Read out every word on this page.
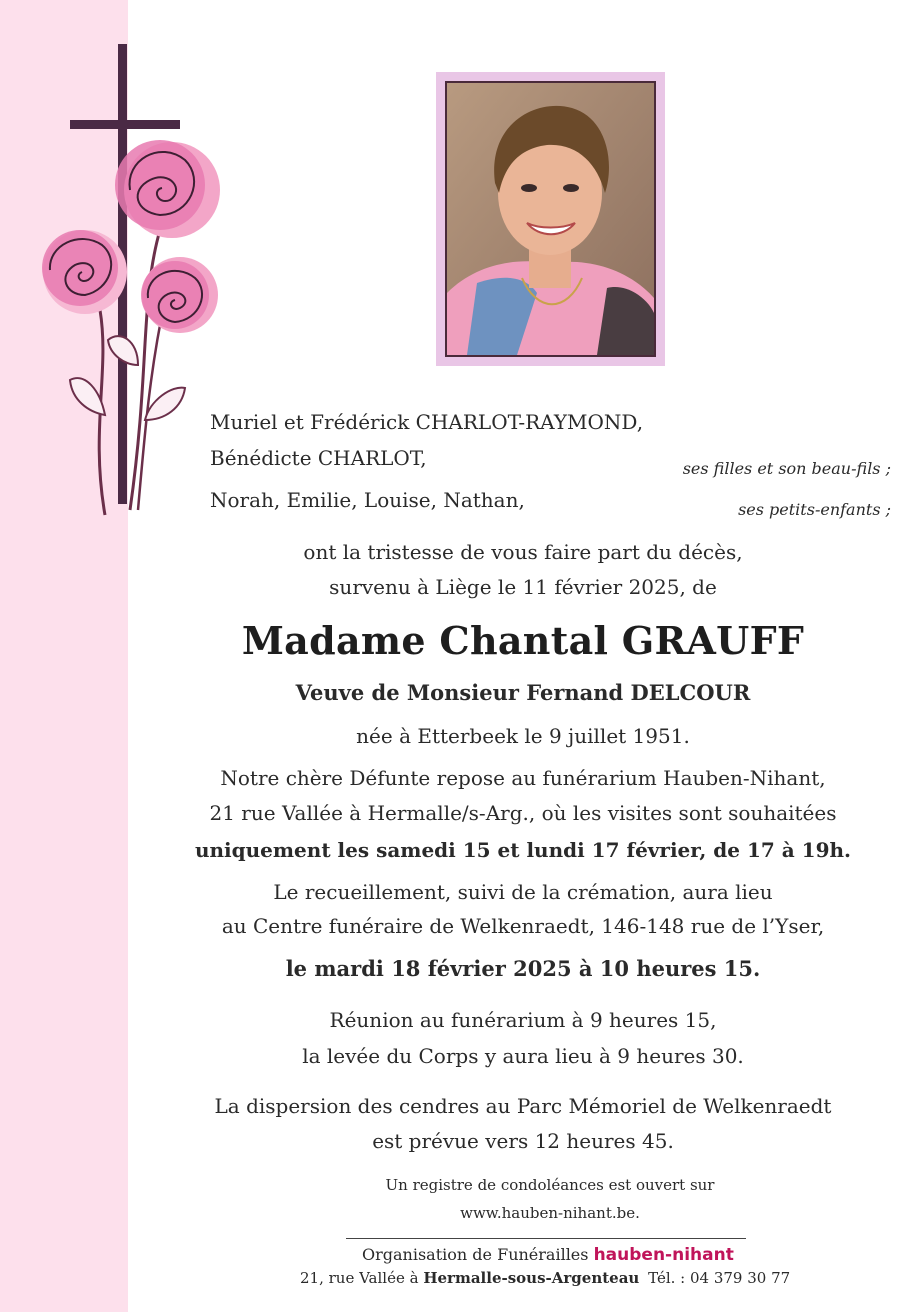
Muriel et Frédérick CHARLOT-RAYMOND,
Bénédicte CHARLOT,	ses filles et son beau-fils ;
Norah, Emilie, Louise, Nathan,	ses petits-enfants ;
ont la tristesse de vous faire part du décès,
survenu à Liège le 11 février 2025, de
Madame Chantal GRAUFF
Veuve de Monsieur Fernand DELCOUR
née à Etterbeek le 9 juillet 1951.
Notre chère Défunte repose au funérarium Hauben-Nihant,
21 rue Vallée à Hermalle/s-Arg., où les visites sont souhaitées
uniquement les samedi 15 et lundi 17 février, de 17 à 19h.
Le recueillement, suivi de la crémation, aura lieu
au Centre funéraire de Welkenraedt, 146-148 rue de l’Yser,
le mardi 18 février 2025 à 10 heures 15.
Réunion au funérarium à 9 heures 15,
la levée du Corps y aura lieu à 9 heures 30.
La dispersion des cendres au Parc Mémoriel de Welkenraedt
est prévue vers 12 heures 45.
Un registre de condoléances est ouvert sur
www.hauben-nihant.be.
Organisation de Funérailles hauben-nihant
21, rue Vallée à Hermalle-sous-Argenteau Tél. : 04 379 30 77
